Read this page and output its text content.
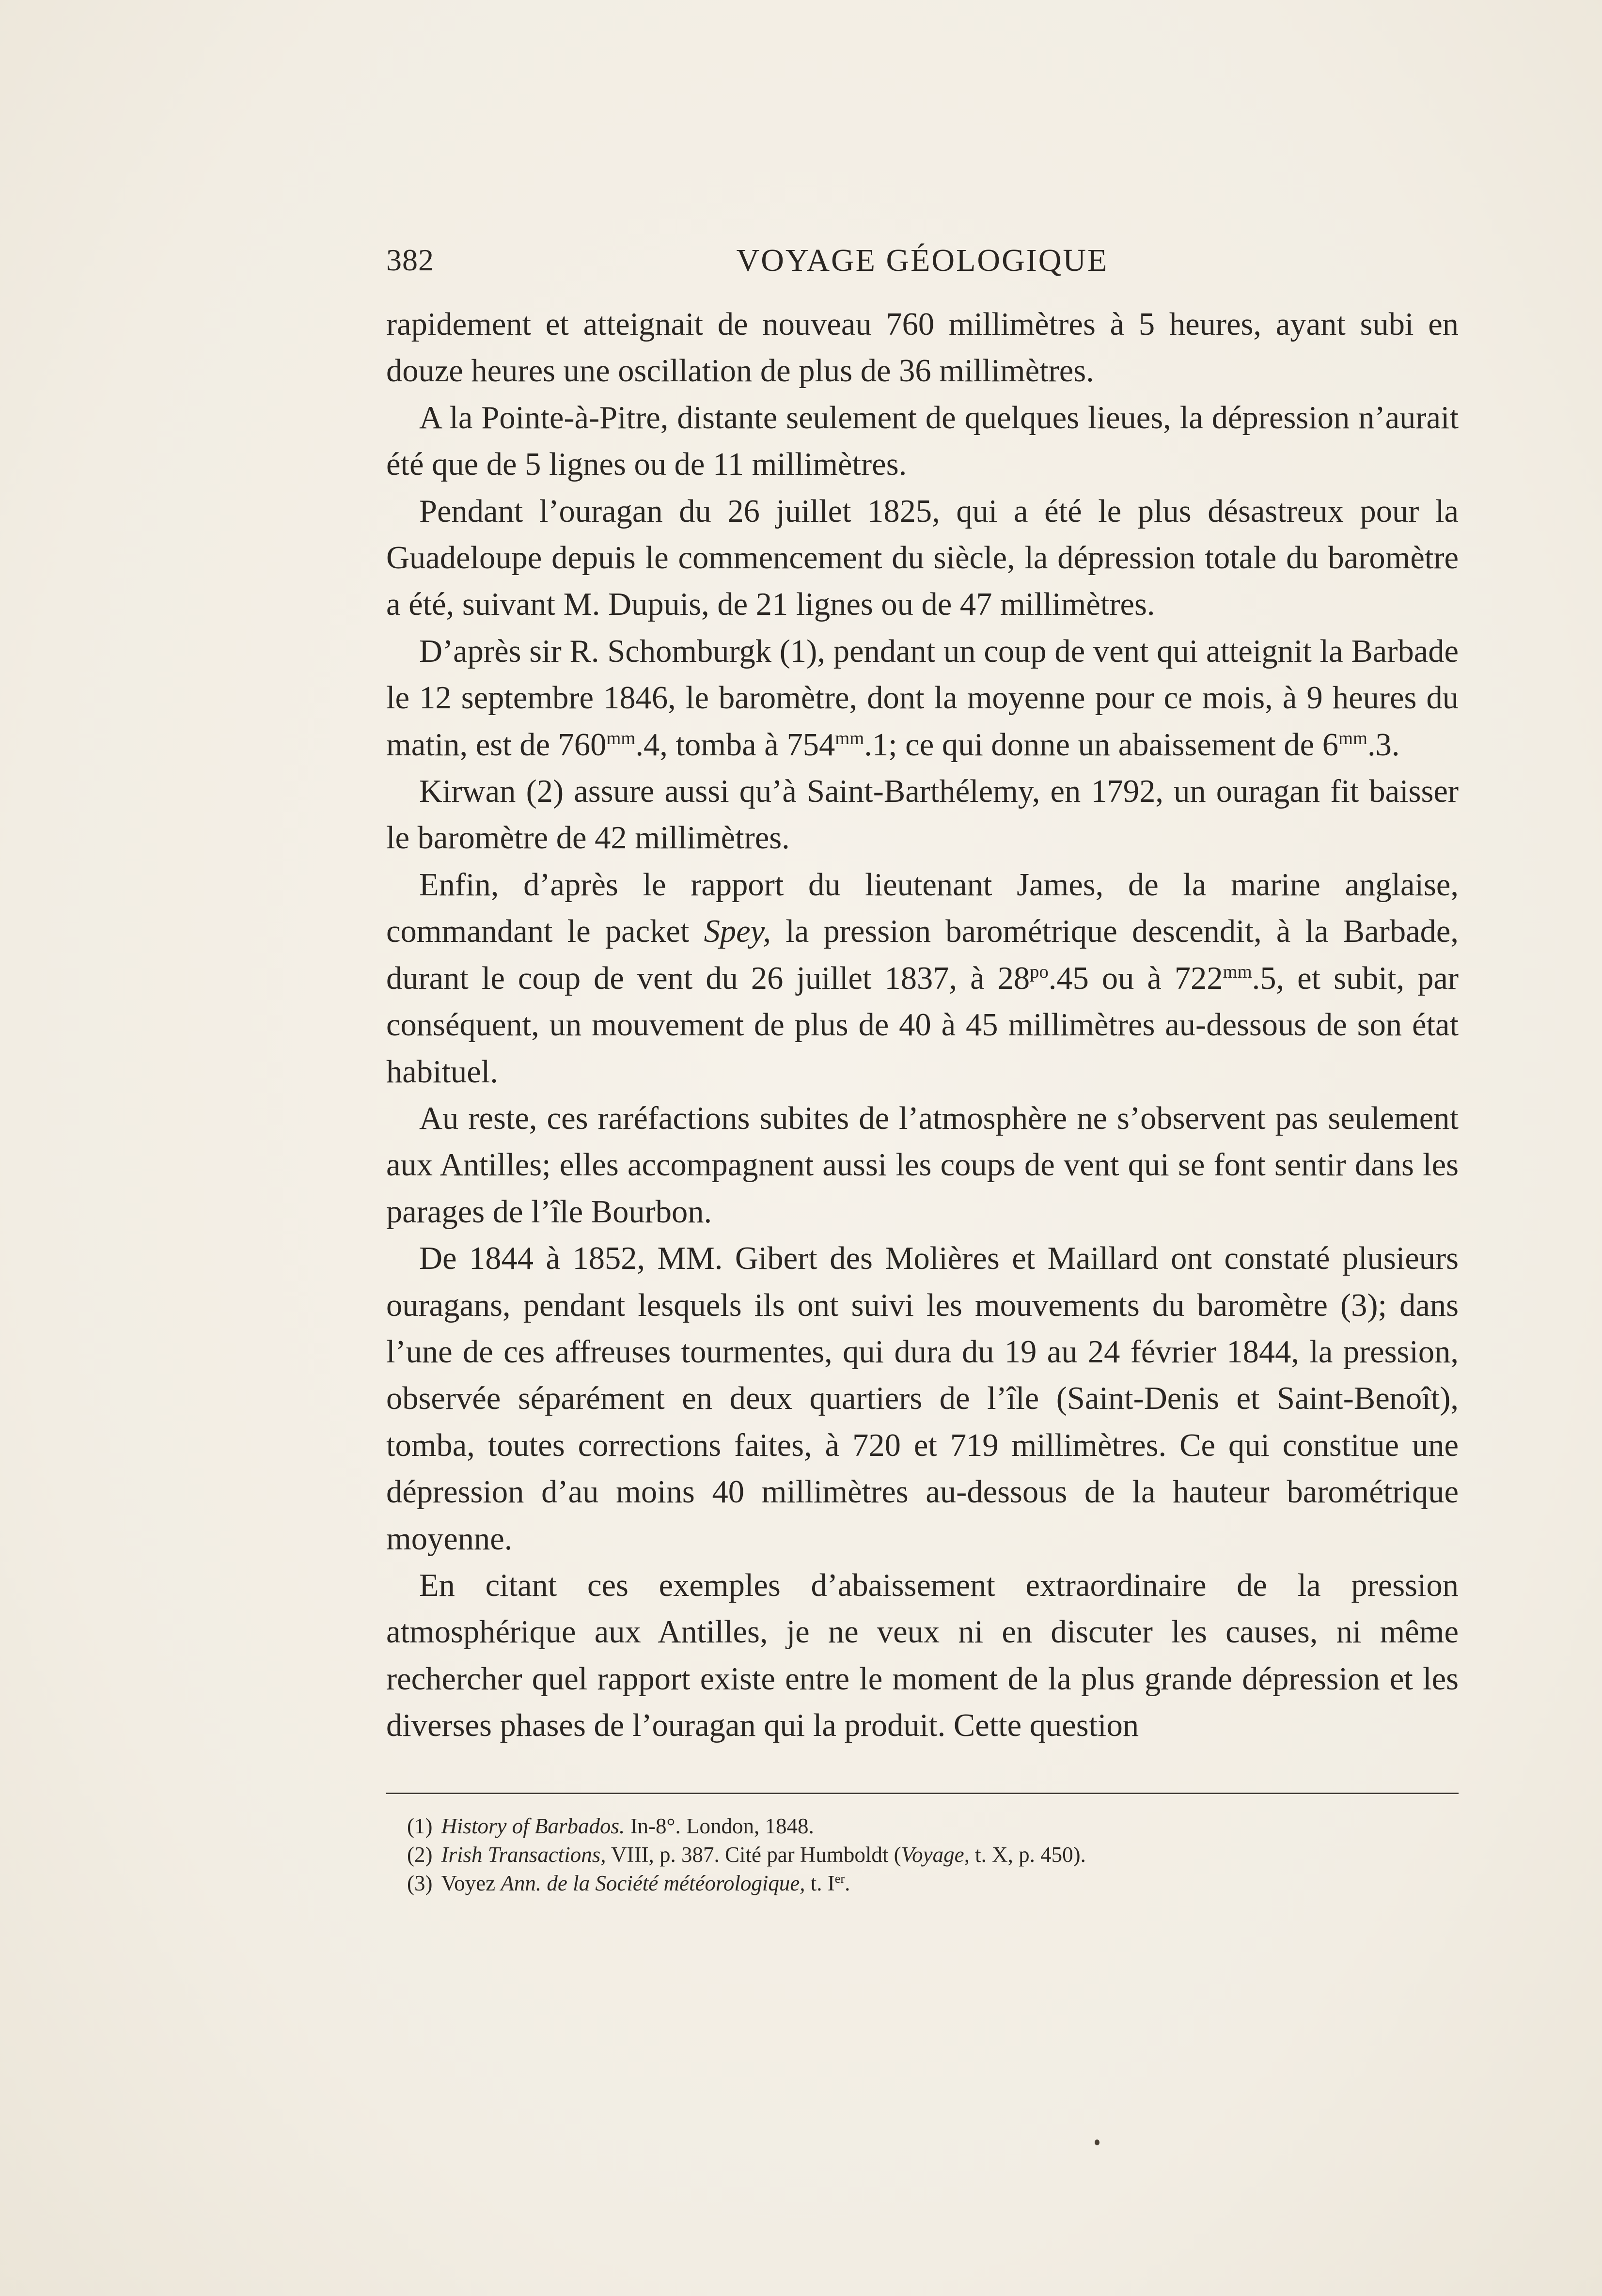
382	VOYAGE GÉOLOGIQUE

rapidement et atteignait de nouveau 760 millimètres à 5 heures, ayant subi en douze heures une oscillation de plus de 36 millimètres.

A la Pointe-à-Pitre, distante seulement de quelques lieues, la dépression n’aurait été que de 5 lignes ou de 11 millimètres.

Pendant l’ouragan du 26 juillet 1825, qui a été le plus désastreux pour la Guadeloupe depuis le commencement du siècle, la dépression totale du baromètre a été, suivant M. Dupuis, de 21 lignes ou de 47 millimètres.

D’après sir R. Schomburgk (1), pendant un coup de vent qui atteignit la Barbade le 12 septembre 1846, le baromètre, dont la moyenne pour ce mois, à 9 heures du matin, est de $760^{mm}.4$, tomba à $754^{mm}.1$; ce qui donne un abaissement de $6^{mm}.3$.

Kirwan (2) assure aussi qu’à Saint-Barthélemy, en 1792, un ouragan fit baisser le baromètre de 42 millimètres.

Enfin, d’après le rapport du lieutenant James, de la marine anglaise, commandant le packet Spey, la pression barométrique descendit, à la Barbade, durant le coup de vent du 26 juillet 1837, à $28^{po}.45$ ou à $722^{mm}.5$, et subit, par conséquent, un mouvement de plus de 40 à 45 millimètres au-dessous de son état habituel.

Au reste, ces raréfactions subites de l’atmosphère ne s’observent pas seulement aux Antilles; elles accompagnent aussi les coups de vent qui se font sentir dans les parages de l’île Bourbon.

De 1844 à 1852, MM. Gibert des Molières et Maillard ont constaté plusieurs ouragans, pendant lesquels ils ont suivi les mouvements du baromètre (3); dans l’une de ces affreuses tourmentes, qui dura du 19 au 24 février 1844, la pression, observée séparément en deux quartiers de l’île (Saint-Denis et Saint-Benoît), tomba, toutes corrections faites, à 720 et 719 millimètres. Ce qui constitue une dépression d’au moins 40 millimètres au-dessous de la hauteur barométrique moyenne.

En citant ces exemples d’abaissement extraordinaire de la pression atmosphérique aux Antilles, je ne veux ni en discuter les causes, ni même rechercher quel rapport existe entre le moment de la plus grande dépression et les diverses phases de l’ouragan qui la produit. Cette question

(1) History of Barbados. In-8°. London, 1848.
(2) Irish Transactions, VIII, p. 387. Cité par Humboldt (Voyage, t. X, p. 450).
(3) Voyez Ann. de la Société météorologique, t. Ier.
